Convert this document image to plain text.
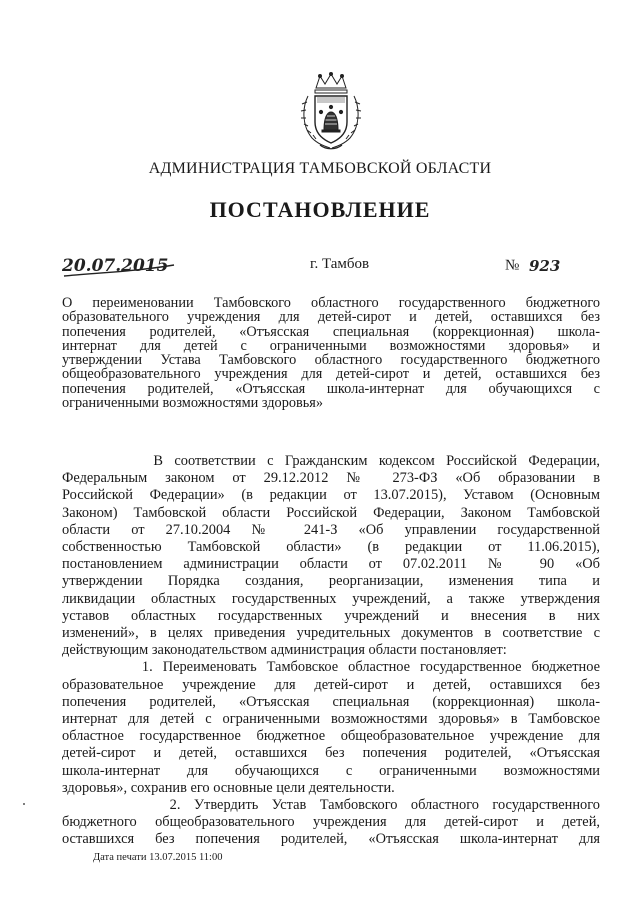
АДМИНИСТРАЦИЯ ТАМБОВСКОЙ ОБЛАСТИ
ПОСТАНОВЛЕНИЕ
20.07.2015	г. Тамбов	№ 923
О переименовании Тамбовского областного государственного бюджетного
образовательного учреждения для детей-сирот и детей, оставшихся без
попечения родителей, «Отъясская специальная (коррекционная) школа-
интернат для детей с ограниченными возможностями здоровья» и
утверждении Устава Тамбовского областного государственного бюджетного
общеобразовательного учреждения для детей-сирот и детей, оставшихся без
попечения родителей, «Отъясская школа-интернат для обучающихся с
ограниченными возможностями здоровья»
В соответствии с Гражданским кодексом Российской Федерации,
Федеральным законом от 29.12.2012 № 273-ФЗ «Об образовании в
Российской Федерации» (в редакции от 13.07.2015), Уставом (Основным
Законом) Тамбовской области Российской Федерации, Законом Тамбовской
области от 27.10.2004 № 241-З «Об управлении государственной
собственностью Тамбовской области» (в редакции от 11.06.2015),
постановлением администрации области от 07.02.2011 № 90 «Об
утверждении Порядка создания, реорганизации, изменения типа и
ликвидации областных государственных учреждений, а также утверждения
уставов областных государственных учреждений и внесения в них
изменений», в целях приведения учредительных документов в соответствие с
действующим законодательством администрация области постановляет:
1. Переименовать Тамбовское областное государственное бюджетное
образовательное учреждение для детей-сирот и детей, оставшихся без
попечения родителей, «Отъясская специальная (коррекционная) школа-
интернат для детей с ограниченными возможностями здоровья» в Тамбовское
областное государственное бюджетное общеобразовательное учреждение для
детей-сирот и детей, оставшихся без попечения родителей, «Отъясская
школа-интернат для обучающихся с ограниченными возможностями
здоровья», сохранив его основные цели деятельности.
2. Утвердить Устав Тамбовского областного государственного
бюджетного общеобразовательного учреждения для детей-сирот и детей,
оставшихся без попечения родителей, «Отъясская школа-интернат для
Дата печати 13.07.2015 11:00
